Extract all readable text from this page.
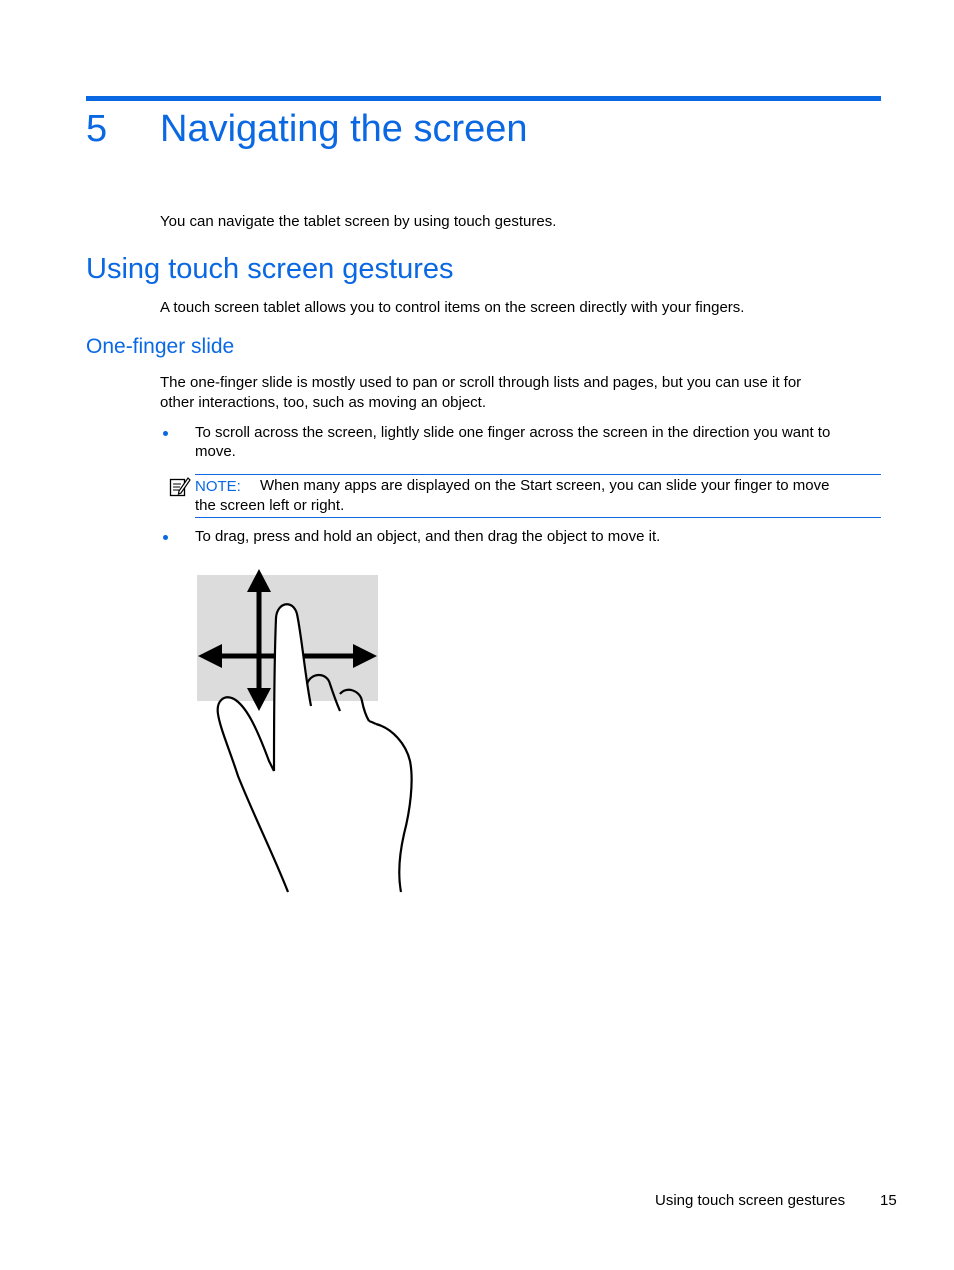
5 Navigating the screen
You can navigate the tablet screen by using touch gestures.
Using touch screen gestures
A touch screen tablet allows you to control items on the screen directly with your fingers.
One-finger slide
The one-finger slide is mostly used to pan or scroll through lists and pages, but you can use it for
other interactions, too, such as moving an object.
To scroll across the screen, lightly slide one finger across the screen in the direction you want to
move.
NOTE: When many apps are displayed on the Start screen, you can slide your finger to move
the screen left or right.
To drag, press and hold an object, and then drag the object to move it.
Using touch screen gestures 15
